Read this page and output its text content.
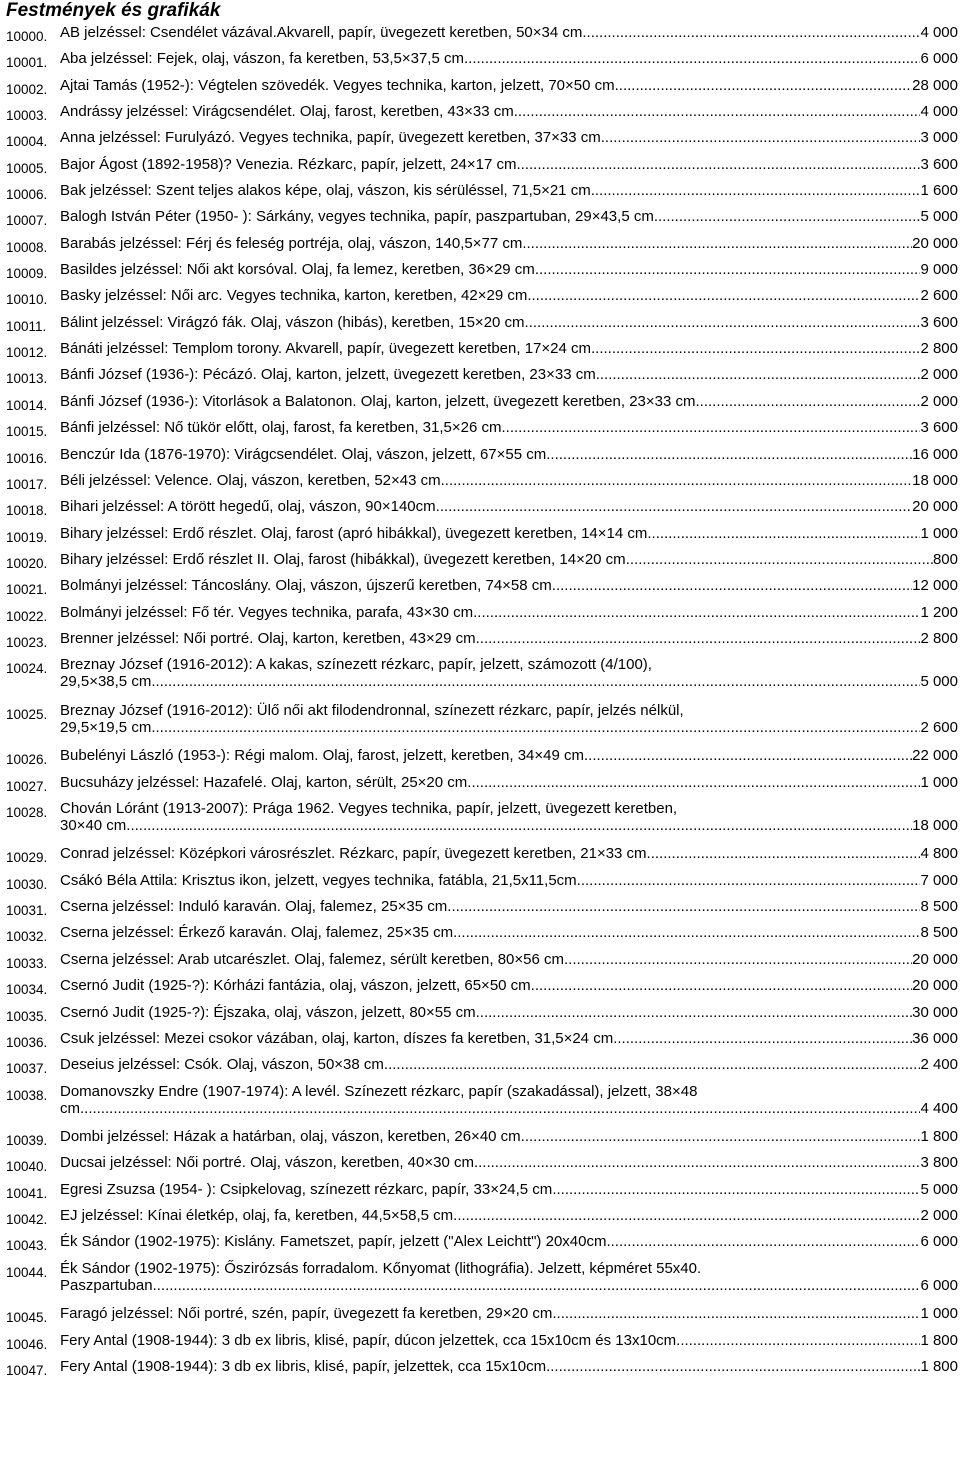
Festmények és grafikák
10000. AB jelzéssel: Csendélet vázával.Akvarell, papír, üvegezett keretben, 50×34 cm .....	4 000
10001. Aba jelzéssel: Fejek, olaj, vászon, fa keretben, 53,5×37,5 cm .....	6 000
10002. Ajtai Tamás (1952-): Végtelen szövedék. Vegyes technika, karton, jelzett, 70×50 cm .....	28 000
10003. Andrássy jelzéssel: Virágcsendélet. Olaj, farost, keretben, 43×33 cm .....	4 000
10004. Anna jelzéssel: Furulyázó. Vegyes technika, papír, üvegezett keretben, 37×33 cm .....	3 000
10005. Bajor Ágost (1892-1958)? Venezia. Rézkarc, papír, jelzett, 24×17 cm .....	3 600
10006. Bak jelzéssel: Szent teljes alakos képe, olaj, vászon, kis sérüléssel, 71,5×21 cm .....	1 600
10007. Balogh István Péter (1950- ): Sárkány, vegyes technika, papír, paszpartuban, 29×43,5 cm .....	5 000
10008. Barabás jelzéssel: Férj és feleség portréja, olaj, vászon, 140,5×77 cm .....	20 000
10009. Basildes jelzéssel: Női akt korsóval. Olaj, fa lemez, keretben, 36×29 cm .....	9 000
10010. Basky jelzéssel: Női arc. Vegyes technika, karton, keretben, 42×29 cm .....	2 600
10011. Bálint jelzéssel: Virágzó fák. Olaj, vászon (hibás), keretben, 15×20 cm .....	3 600
10012. Bánáti jelzéssel: Templom torony. Akvarell, papír, üvegezett keretben, 17×24 cm .....	2 800
10013. Bánfi József (1936-): Pécázó. Olaj, karton, jelzett, üvegezett keretben, 23×33 cm .....	2 000
10014. Bánfi József (1936-): Vitorlások a Balatonon. Olaj, karton, jelzett, üvegezett keretben, 23×33 cm .....	2 000
10015. Bánfi jelzéssel: Nő tükör előtt, olaj, farost, fa keretben, 31,5×26 cm .....	3 600
10016. Benczúr Ida (1876-1970): Virágcsendélet. Olaj, vászon, jelzett, 67×55 cm .....	16 000
10017. Béli jelzéssel: Velence. Olaj, vászon, keretben, 52×43 cm .....	18 000
10018. Bihari jelzéssel: A törött hegedű, olaj, vászon, 90×140cm .....	20 000
10019. Bihary jelzéssel: Erdő részlet. Olaj, farost (apró hibákkal), üvegezett keretben, 14×14 cm .....	1 000
10020. Bihary jelzéssel: Erdő részlet II. Olaj, farost (hibákkal), üvegezett keretben, 14×20 cm .....	800
10021. Bolmányi jelzéssel: Táncoslány. Olaj, vászon, újszerű keretben, 74×58 cm .....	12 000
10022. Bolmányi jelzéssel: Fő tér. Vegyes technika, parafa, 43×30 cm .....	1 200
10023. Brenner jelzéssel: Női portré. Olaj, karton, keretben, 43×29 cm .....	2 800
10024. Breznay József (1916-2012): A kakas, színezett rézkarc, papír, jelzett, számozott (4/100),
29,5×38,5 cm .....	5 000
10025. Breznay József (1916-2012): Ülő női akt filodendronnal, színezett rézkarc, papír, jelzés nélkül,
29,5×19,5 cm .....	2 600
10026. Bubelényi László (1953-): Régi malom. Olaj, farost, jelzett, keretben, 34×49 cm .....	22 000
10027. Bucsuházy jelzéssel: Hazafelé. Olaj, karton, sérült, 25×20 cm .....	1 000
10028. Chován Lóránt (1913-2007): Prága 1962. Vegyes technika, papír, jelzett, üvegezett keretben,
30×40 cm .....	18 000
10029. Conrad jelzéssel: Középkori városrészlet. Rézkarc, papír, üvegezett keretben, 21×33 cm .....	4 800
10030. Csákó Béla Attila: Krisztus ikon, jelzett, vegyes technika, fatábla, 21,5x11,5cm .....	7 000
10031. Cserna jelzéssel: Induló karaván. Olaj, falemez, 25×35 cm .....	8 500
10032. Cserna jelzéssel: Érkező karaván. Olaj, falemez, 25×35 cm .....	8 500
10033. Cserna jelzéssel: Arab utcarészlet. Olaj, falemez, sérült keretben, 80×56 cm .....	20 000
10034. Csernó Judit (1925-?): Kórházi fantázia, olaj, vászon, jelzett, 65×50 cm .....	20 000
10035. Csernó Judit (1925-?): Éjszaka, olaj, vászon, jelzett, 80×55 cm .....	30 000
10036. Csuk jelzéssel: Mezei csokor vázában, olaj, karton, díszes fa keretben, 31,5×24 cm .....	36 000
10037. Deseius jelzéssel: Csók. Olaj, vászon, 50×38 cm .....	2 400
10038. Domanovszky Endre (1907-1974): A levél. Színezett rézkarc, papír (szakadással), jelzett, 38×48
cm .....	4 400
10039. Dombi jelzéssel: Házak a határban, olaj, vászon, keretben, 26×40 cm .....	1 800
10040. Ducsai jelzéssel: Női portré. Olaj, vászon, keretben, 40×30 cm .....	3 800
10041. Egresi Zsuzsa (1954- ): Csipkelovag, színezett rézkarc, papír, 33×24,5 cm .....	5 000
10042. EJ jelzéssel: Kínai életkép, olaj, fa, keretben, 44,5×58,5 cm .....	2 000
10043. Ék Sándor (1902-1975): Kislány. Fametszet, papír, jelzett ("Alex Leichtt") 20x40cm .....	6 000
10044. Ék Sándor (1902-1975): Őszirózsás forradalom. Kőnyomat (lithográfia). Jelzett, képméret 55x40.
Paszpartuban .....	6 000
10045. Faragó jelzéssel: Női portré, szén, papír, üvegezett fa keretben, 29×20 cm .....	1 000
10046. Fery Antal (1908-1944): 3 db ex libris, klisé, papír, dúcon jelzettek, cca 15x10cm és 13x10cm .....	1 800
10047. Fery Antal (1908-1944): 3 db ex libris, klisé, papír, jelzettek, cca 15x10cm .....	1 800
